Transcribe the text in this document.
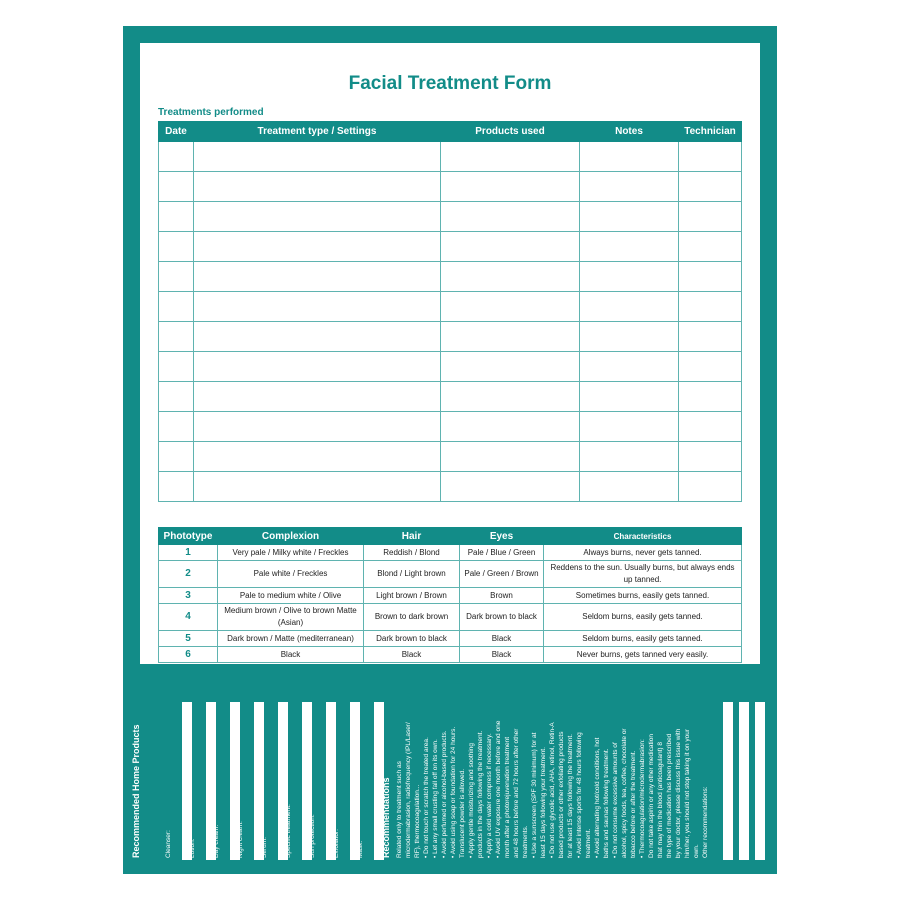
Facial Treatment Form
Treatments performed
Date	Treatment type / Settings	Products used	Notes	Technician

Phototype	Complexion	Hair	Eyes	Characteristics
1	Very pale / Milky white / Freckles	Reddish / Blond	Pale / Blue / Green	Always burns, never gets tanned.
2	Pale white / Freckles	Blond / Light brown	Pale / Green / Brown	Reddens to the sun. Usually burns, but always ends up tanned.
3	Pale to medium white / Olive	Light brown / Brown	Brown	Sometimes burns, easily gets tanned.
4	Medium brown / Olive to brown Matte (Asian)	Brown to dark brown	Dark brown to black	Seldom burns, easily gets tanned.
5	Dark brown / Matte (mediterranean)	Dark brown to black	Black	Seldom burns, easily gets tanned.
6	Black	Black	Black	Never burns, gets tanned very easily.
Recommended Home Products	Cleanser:	Lotion:	Day cream:	Night cream:	Serum:	Specific treatment:	Sun protection:	Exfoliator:	Mask: Recommendations Related only to treatment such as microdermabrasion, radiofrequency (IPL/Laser/ RF), thermocoagulation... • Do not touch or scratch the treated area. • Let any small crusting fall off on its own. • Avoid perfumed or alcohol-based products. • Avoid using soap or foundation for 24 hours. Translucent powder is allowed. • Apply gentle moisturizing and soothing products in the days following the treatment. • Apply a cold water compress if necessary. • Avoid UV exposure one month before and one month after a photorejuvenation treatment and 48 hours before and 72 hours after other treatments. • Use a sunscreen (SPF 30 minimum) for at least 15 days following your treatment. • Do not use glycolic acid, AHA, retinol, Retin-A based products or other exfoliating products for at least 15 days following the treatment. • Avoid intense sports for 48 hours following treatment. • Avoid alternating hot/cold conditions, hot baths and saunas following treatment. • Do not consume excessive amounts of alcohol, spicy foods, tea, coffee, chocolate or tobacco before or after the treatment. • Thermocoagulation/microdermabrasion: Do not take aspirin or any other medication that may thin the blood (anticoagulant) 8 the type of medication has been prescribed by your doctor, please discuss this issue with him/her, you should not stop taking it on your own. Other recommendations:
